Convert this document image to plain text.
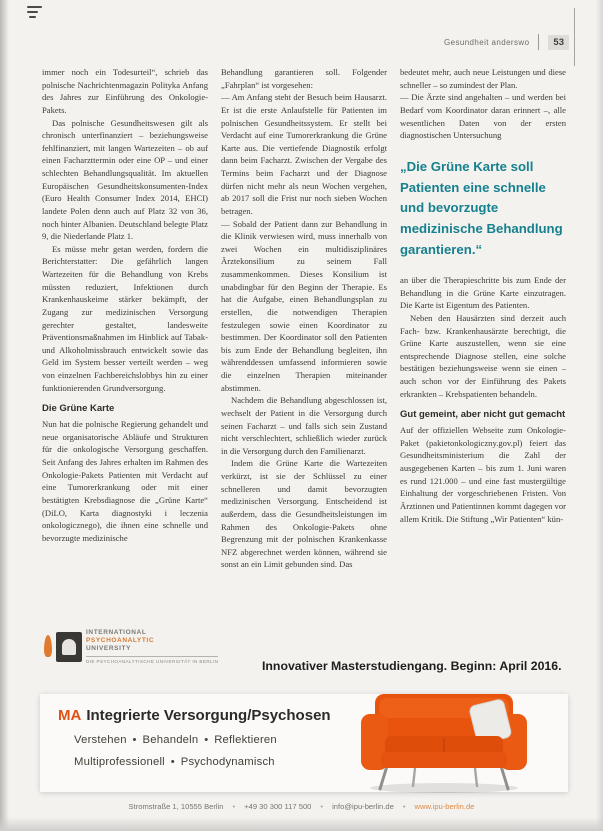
Gesundheit anderswo	53

immer noch ein Todesurteil“, schrieb das polnische Nachrichtenmagazin Polityka Anfang des Jahres zur Einführung des Onkologie-Pakets.

Das polnische Gesundheitswesen gilt als chronisch unterfinanziert – beziehungsweise fehlfinanziert, mit langen Wartezeiten – ob auf einen Facharzttermin oder eine OP – und einer schlechten Behandlungsqualität. Im aktuellen Europäischen Gesundheitskonsumenten-Index (Euro Health Consumer Index 2014, EHCI) landete Polen denn auch auf Platz 32 von 36, noch hinter Albanien. Deutschland belegte Platz 9, die Niederlande Platz 1.

Es müsse mehr getan werden, fordern die Berichterstatter: Die gefährlich langen Wartezeiten für die Behandlung von Krebs müssten reduziert, Infektionen durch Krankenhauskeime stärker bekämpft, der Zugang zur medizinischen Versorgung gerechter gestaltet, landesweite Präventionsmaßnahmen im Hinblick auf Tabak- und Alkoholmissbrauch entwickelt sowie das Geld im System besser verteilt werden – weg von einzelnen Fachbereichslobbys hin zu einer funktionierenden Grundversorgung.

Die Grüne Karte

Nun hat die polnische Regierung gehandelt und neue organisatorische Abläufe und Strukturen für die onkologische Versorgung geschaffen. Seit Anfang des Jahres erhalten im Rahmen des Onkologie-Pakets Patienten mit Verdacht auf eine Tumorerkrankung oder mit einer bestätigten Krebsdiagnose die „Grüne Karte“ (DiLO, Karta diagnostyki i leczenia onkologicznego), die ihnen eine schnelle und bevorzugte medizinische

Behandlung garantieren soll. Folgender „Fahrplan“ ist vorgesehen:

— Am Anfang steht der Besuch beim Hausarzt. Er ist die erste Anlaufstelle für Patienten im polnischen Gesundheitssystem. Er stellt bei Verdacht auf eine Tumorerkrankung die Grüne Karte aus. Die vertiefende Diagnostik erfolgt dann beim Facharzt. Zwischen der Vergabe des Termins beim Facharzt und der Diagnose dürfen nicht mehr als neun Wochen vergehen, ab 2017 soll die Frist nur noch sieben Wochen betragen.

— Sobald der Patient dann zur Behandlung in die Klinik verwiesen wird, muss innerhalb von zwei Wochen ein multidisziplinäres Ärztekonsilium zu seinem Fall zusammenkommen. Dieses Konsilium ist unabdingbar für den Beginn der Therapie. Es hat die Aufgabe, einen Behandlungsplan zu erstellen, die notwendigen Therapien festzulegen sowie einen Koordinator zu bestimmen. Der Koordinator soll den Patienten bis zum Ende der Behandlung begleiten, ihn währenddessen umfassend informieren sowie die einzelnen Therapien miteinander abstimmen.

Nachdem die Behandlung abgeschlossen ist, wechselt der Patient in die Versorgung durch seinen Facharzt – und falls sich sein Zustand nicht verschlechtert, schließlich wieder zurück in die Versorgung durch den Familienarzt.

Indem die Grüne Karte die Wartezeiten verkürzt, ist sie der Schlüssel zu einer schnelleren und damit bevorzugten medizinischen Versorgung. Entscheidend ist außerdem, dass die Gesundheitsleistungen im Rahmen des Onkologie-Pakets ohne Begrenzung mit der polnischen Krankenkasse NFZ abgerechnet werden können, während sie sonst an ein Limit gebunden sind. Das

bedeutet mehr, auch neue Leistungen und diese schneller – so zumindest der Plan.

— Die Ärzte sind angehalten – und werden bei Bedarf vom Koordinator daran erinnert –, alle wesentlichen Daten von der ersten diagnostischen Untersuchung

„Die Grüne Karte soll Patienten eine schnelle und bevorzugte medizinische Behandlung garantieren.“

an über die Therapieschritte bis zum Ende der Behandlung in die Grüne Karte einzutragen. Die Karte ist Eigentum des Patienten.

Neben den Hausärzten sind derzeit auch Fach- bzw. Krankenhausärzte berechtigt, die Grüne Karte auszustellen, wenn sie eine entsprechende Diagnose stellen, eine solche bestätigen beziehungsweise wenn sie einen – auch schon vor der Einführung des Pakets erkrankten – Krebspatienten behandeln.

Gut gemeint, aber nicht gut gemacht

Auf der offiziellen Webseite zum Onkologie-Paket (pakietonkologiczny.gov.pl) feiert das Gesundheitsministerium die Zahl der ausgegebenen Karten – bis zum 1. Juni waren es rund 121.000 – und eine fast mustergültige Einhaltung der vorgeschriebenen Fristen. Von Ärztinnen und Patientinnen kommt dagegen vor allem Kritik. Die Stiftung „Wir Patienten“ kün-

INTERNATIONAL
PSYCHOANALYTIC
UNIVERSITY
DIE PSYCHOANALYTISCHE UNIVERSITÄT IN BERLIN	Innovativer Masterstudiengang. Beginn: April 2016.
MA Integrierte Versorgung/Psychosen
Verstehen • Behandeln • Reflektieren
Multiprofessionell • Psychodynamisch
Stromstraße 1, 10555 Berlin	• +49 30 300 117 500	• info@ipu-berlin.de	• www.ipu-berlin.de
